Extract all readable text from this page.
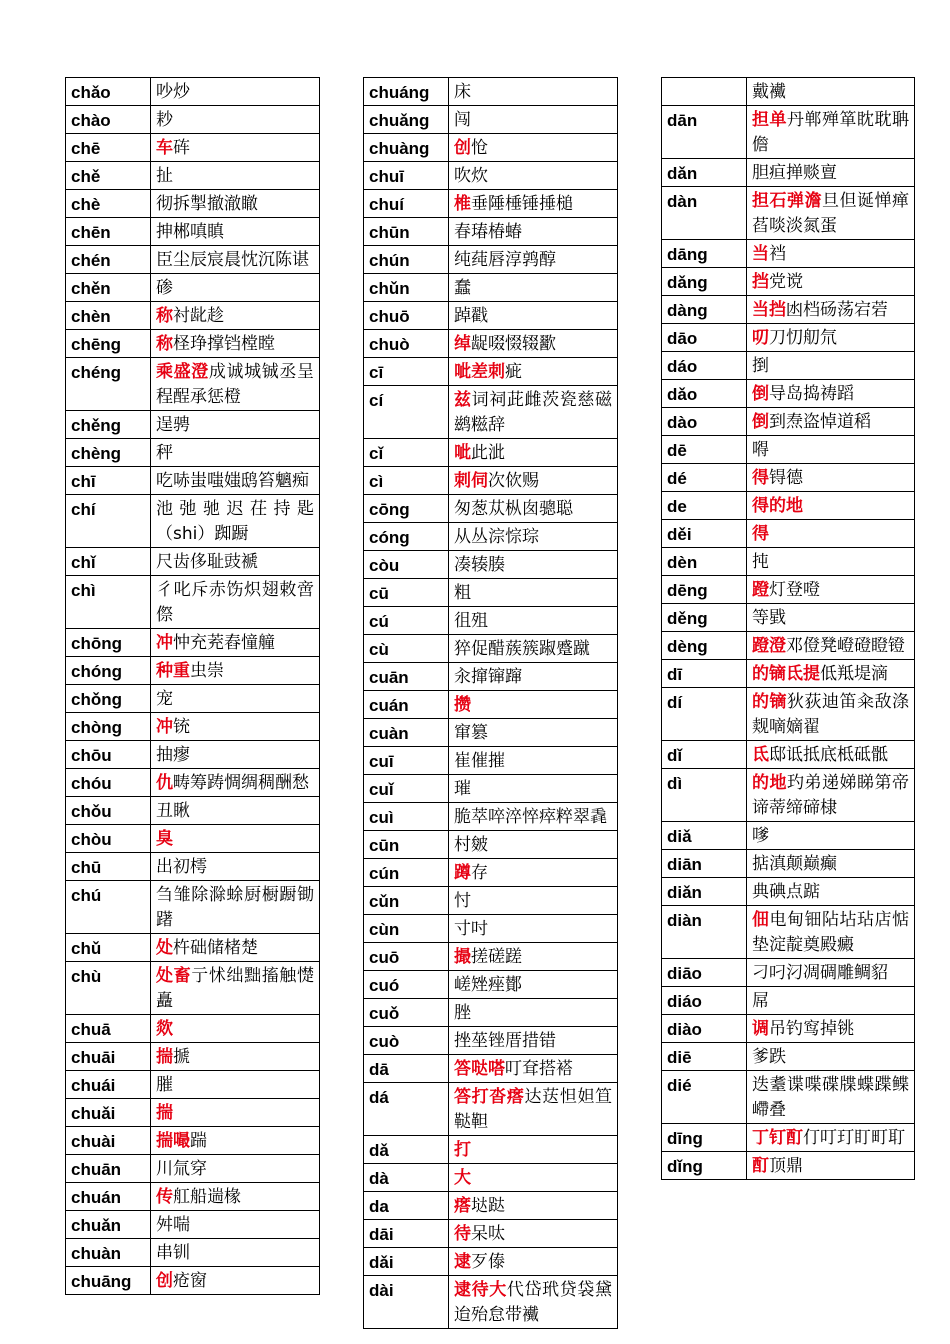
chǎo	吵炒
chào	耖
chē	车砗
chě	扯
chè	彻拆掣撤澈瞮
chēn	抻郴嗔瞋
chén	臣尘辰宸晨忱沉陈谌
chěn	碜
chèn	称衬龀趁
chēng	称柽琤撑铛樘瞠
chéng	乘盛澄成诚城铖丞呈程酲承惩橙
chěng	逞骋
chèng	秤
chī	吃哧蚩嗤媸鸱笞魑痴
chí	池弛驰迟茌持匙（shi）踟蹰
chǐ	尺齿侈耻豉褫
chì	彳叱斥赤饬炽翅敕啻傺
chōng	冲忡充茺舂憧艟
chóng	种重虫崇
chǒng	宠
chòng	冲铳
chōu	抽瘳
chóu	仇畴筹踌惆绸稠酬愁
chǒu	丑瞅
chòu	臭
chū	出初樗
chú	刍雏除滁蜍厨橱蹰锄躇
chǔ	处杵础储楮楚
chù	处畜亍怵绌黜搐触憷矗
chuā	欻
chuāi	揣搋
chuái	膗
chuǎi	揣
chuài	揣嘬踹
chuān	川氚穿
chuán	传舡船遄椽
chuǎn	舛喘
chuàn	串钏
chuāng	创疮窗
chuáng	床
chuǎng	闯
chuàng	创怆
chuī	吹炊
chuí	椎垂陲棰锤捶槌
chūn	春瑃椿蝽
chún	纯莼唇淳鹑醇
chǔn	蠢
chuō	踔戳
chuò	绰龊啜惙辍歠
cī	呲差刺疵
cí	兹词祠茈雌茨瓷慈磁鹚糍辞
cǐ	呲此泚
cì	刺伺次佽赐
cōng	匆葱苁枞囱骢聪
cóng	从丛淙悰琮
còu	凑辏腠
cū	粗
cú	徂殂
cù	猝促醋蔟簇踧蹙蹴
cuān	汆撺镩蹿
cuán	攒
cuàn	窜篡
cuī	崔催摧
cuǐ	璀
cuì	脆萃啐淬悴瘁粹翠毳
cūn	村皴
cún	蹲存
cǔn	忖
cùn	寸吋
cuō	撮搓磋蹉
cuó	嵯矬痤鄼
cuǒ	脞
cuò	挫莝锉厝措错
dā	答哒嗒叮耷搭褡
dá	答打沓瘩达荙怛妲笪鞑靼
dǎ	打
dà	大
da	瘩垯跶
dāi	待呆呔
dǎi	逮歹傣
dài	逮待大代岱玳贷袋黛迨殆怠带襶
	戴襶
dān	担单丹郸殚箪眈耽聃儋
dǎn	胆疸掸赕亶
dàn	担石弹澹旦但诞惮瘅萏啖淡氮蛋
dāng	当裆
dǎng	挡党谠
dàng	当挡凼档砀荡宕菪
dāo	叨刀忉舠氘
dáo	捯
dǎo	倒导岛捣祷蹈
dào	倒到焘盗悼道稻
dē	嘚
dé	得锝德
de	得的地
děi	得
dèn	扽
dēng	蹬灯登噔
děng	等戥
dèng	蹬澄邓僜凳嶝磴瞪镫
dī	的镝氐提低羝堤滴
dí	的镝狄荻迪笛籴敌涤觌嘀嫡翟
dǐ	氐邸诋抵底柢砥骶
dì	的地玓弟递娣睇第帝谛蒂缔碲棣
diǎ	嗲
diān	掂滇颠巅癫
diǎn	典碘点踮
diàn	佃电甸钿阽坫玷店惦垫淀靛奠殿癜
diāo	刁叼汈凋碉雕鲷貂
diáo	屌
diào	调吊钓窎掉铫
diē	爹跌
dié	迭耋谍喋碟牒蝶蹀鲽嵽叠
dīng	丁钉酊仃叮玎盯町耵
dǐng	酊顶鼎
